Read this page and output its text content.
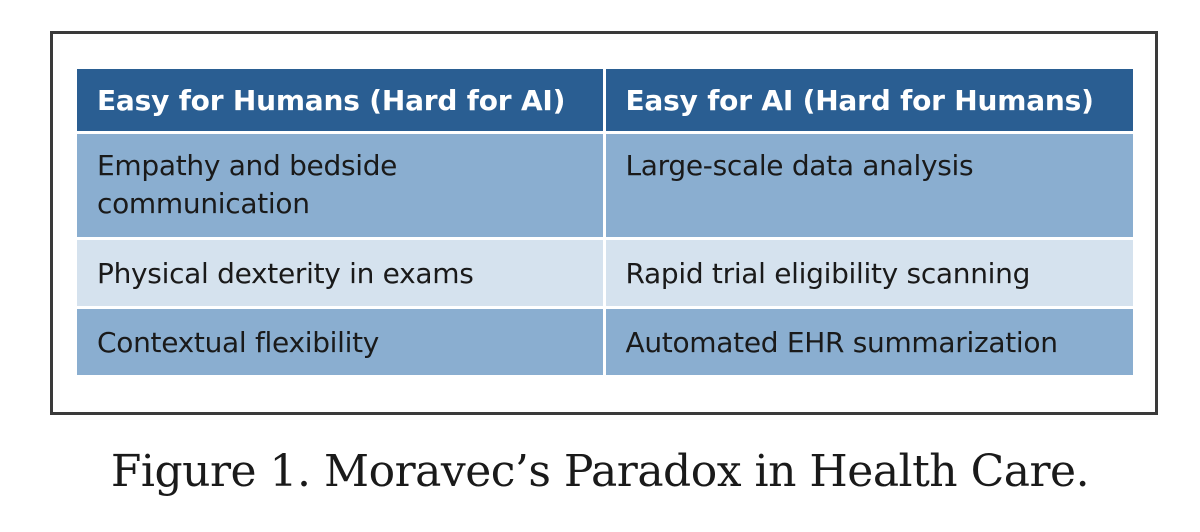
Easy for Humans (Hard for AI)	Easy for AI (Hard for Humans)
Empathy and bedside communication	Large-scale data analysis
Physical dexterity in exams	Rapid trial eligibility scanning
Contextual flexibility	Automated EHR summarization
Figure 1. Moravec’s Paradox in Health Care.
